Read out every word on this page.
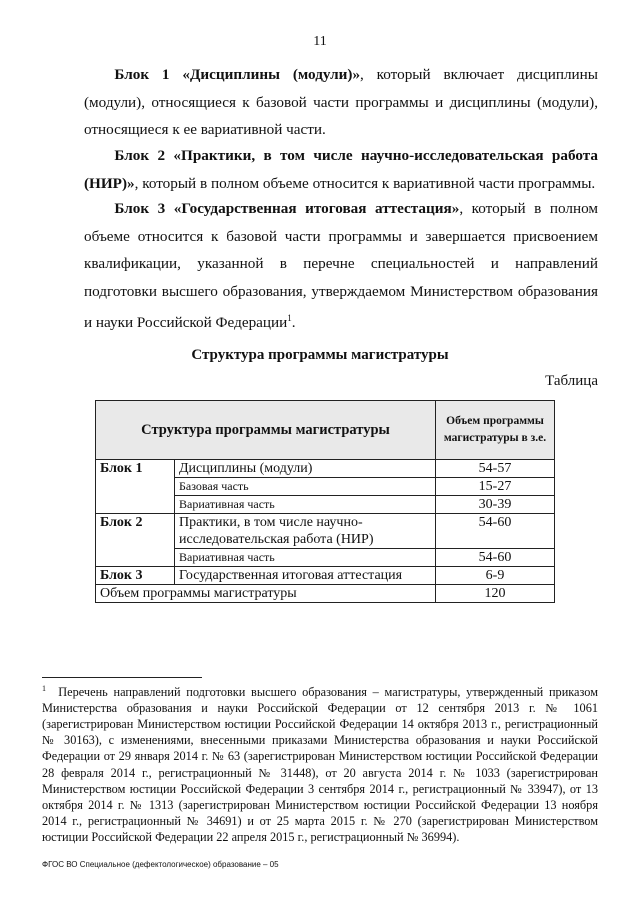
11

  Блок 1 «Дисциплины (модули)», который включает дисциплины (модули), относящиеся к базовой части программы и дисциплины (модули), относящиеся к ее вариативной части.

  Блок 2 «Практики, в том числе научно-исследовательская работа (НИР)», который в полном объеме относится к вариативной части программы.

  Блок 3 «Государственная итоговая аттестация», который в полном объеме относится к базовой части программы и завершается присвоением квалификации, указанной в перечне специальностей и направлений подготовки высшего образования, утверждаемом Министерством образования и науки Российской Федерации$^1$.

Структура программы магистратуры
Таблица
Структура программы магистратуры		Объем программы магистратуры в з.е.
Блок 1	Дисциплины (модули)	54-57
	Базовая часть	15-27
	Вариативная часть	30-39
Блок 2	Практики, в том числе научно-исследовательская работа (НИР)	54-60
	Вариативная часть	54-60
Блок 3	Государственная итоговая аттестация	6-9
Объем программы магистратуры		120

$^1$  Перечень направлений подготовки высшего образования – магистратуры, утвержденный приказом Министерства образования и науки Российской Федерации от 12 сентября 2013 г. № 1061 (зарегистрирован Министерством юстиции Российской Федерации 14 октября 2013 г., регистрационный № 30163), с изменениями, внесенными приказами Министерства образования и науки Российской Федерации от 29 января 2014 г. № 63 (зарегистрирован Министерством юстиции Российской Федерации 28 февраля 2014 г., регистрационный № 31448), от 20 августа 2014 г. № 1033 (зарегистрирован Министерством юстиции Российской Федерации 3 сентября 2014 г., регистрационный № 33947), от 13 октября 2014 г. № 1313 (зарегистрирован Министерством юстиции Российской Федерации 13 ноября 2014 г., регистрационный № 34691) и от 25 марта 2015 г. № 270 (зарегистрирован Министерством юстиции Российской Федерации 22 апреля 2015 г., регистрационный № 36994).

ФГОС ВО Специальное (дефектологическое) образование – 05
